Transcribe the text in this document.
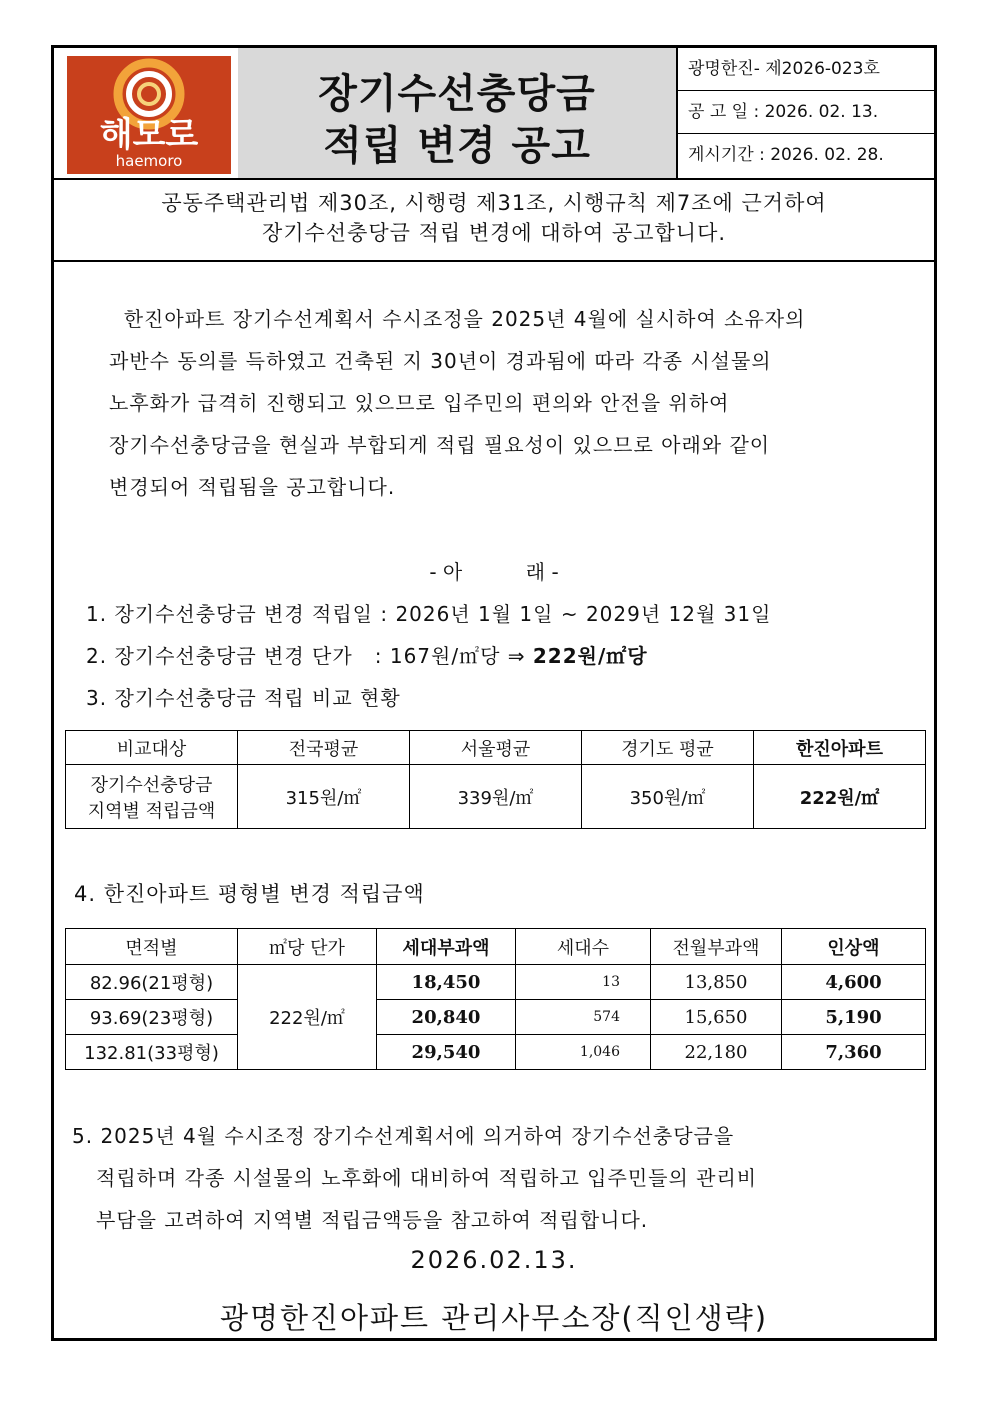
해모로
haemoro
장기수선충당금
적립 변경 공고
광명한진- 제2026-023호
공 고 일 : 2026. 02. 13.
게시기간 : 2026. 02. 28.
공동주택관리법 제30조, 시행령 제31조, 시행규칙 제7조에 근거하여
장기수선충당금 적립 변경에 대하여 공고합니다.
한진아파트 장기수선계획서 수시조정을 2025년 4월에 실시하여 소유자의
과반수 동의를 득하였고 건축된 지 30년이 경과됨에 따라 각종 시설물의
노후화가 급격히 진행되고 있으므로 입주민의 편의와 안전을 위하여
장기수선충당금을 현실과 부합되게 적립 필요성이 있으므로 아래와 같이
변경되어 적립됨을 공고합니다.
- 아          래 -
1. 장기수선충당금 변경 적립일 : 2026년 1월 1일 ~ 2029년 12월 31일
2. 장기수선충당금 변경 단가   : 167원/㎡당 ⇒ 222원/㎡당
3. 장기수선충당금 적립 비교 현황
비교대상	전국평균	서울평균	경기도 평균	한진아파트

장기수선충당금
지역별 적립금액	315원/㎡	339원/㎡	350원/㎡	222원/㎡
4. 한진아파트 평형별 변경 적립금액
면적별	㎡당 단가	세대부과액	세대수	전월부과액	인상액
82.96(21평형)	222원/㎡	18,450	13	13,850	4,600
93.69(23평형)		20,840	574	15,650	5,190
132.81(33평형)		29,540	1,046	22,180	7,360
5. 2025년 4월 수시조정 장기수선계획서에 의거하여 장기수선충당금을
적립하며 각종 시설물의 노후화에 대비하여 적립하고 입주민들의 관리비
부담을 고려하여 지역별 적립금액등을 참고하여 적립합니다.
2026.02.13.
광명한진아파트 관리사무소장(직인생략)
